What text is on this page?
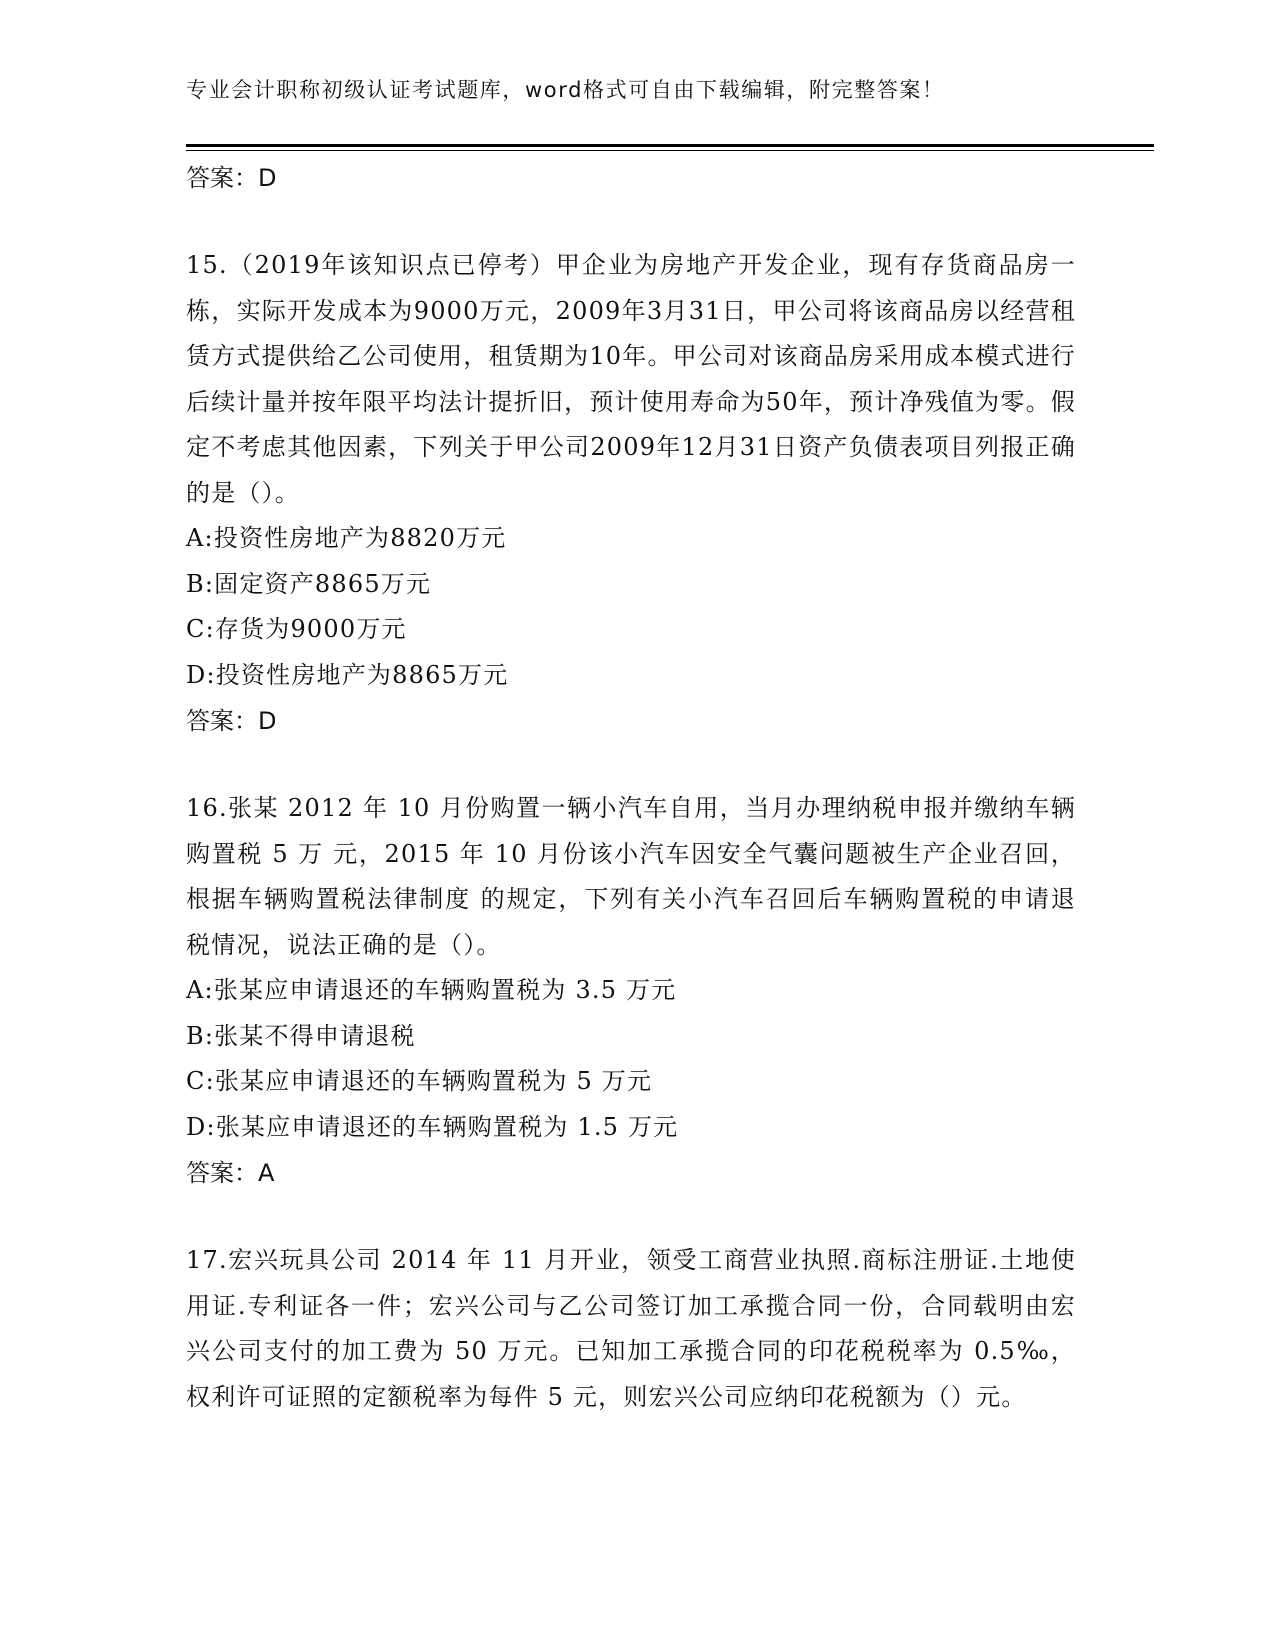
专业会计职称初级认证考试题库，word格式可自由下载编辑，附完整答案！
答案：D

15.（2019年该知识点已停考）甲企业为房地产开发企业，现有存货商品房一栋，实际开发成本为9000万元，2009年3月31日，甲公司将该商品房以经营租赁方式提供给乙公司使用，租赁期为10年。甲公司对该商品房采用成本模式进行后续计量并按年限平均法计提折旧，预计使用寿命为50年，预计净残值为零。假定不考虑其他因素，下列关于甲公司2009年12月31日资产负债表项目列报正确的是（）。

A:投资性房地产为8820万元
B:固定资产8865万元
C:存货为9000万元
D:投资性房地产为8865万元
答案：D

16.张某 2012 年 10 月份购置一辆小汽车自用，当月办理纳税申报并缴纳车辆购置税 5 万 元，2015 年 10 月份该小汽车因安全气囊问题被生产企业召回，根据车辆购置税法律制度 的规定，下列有关小汽车召回后车辆购置税的申请退税情况，说法正确的是（）。

A:张某应申请退还的车辆购置税为 3.5 万元
B:张某不得申请退税
C:张某应申请退还的车辆购置税为 5 万元
D:张某应申请退还的车辆购置税为 1.5 万元
答案：A

17.宏兴玩具公司 2014 年 11 月开业，领受工商营业执照.商标注册证.土地使用证.专利证各一件；宏兴公司与乙公司签订加工承揽合同一份，合同载明由宏兴公司支付的加工费为 50 万元。已知加工承揽合同的印花税税率为 0.5‰，权利许可证照的定额税率为每件 5 元，则宏兴公司应纳印花税额为（）元。
